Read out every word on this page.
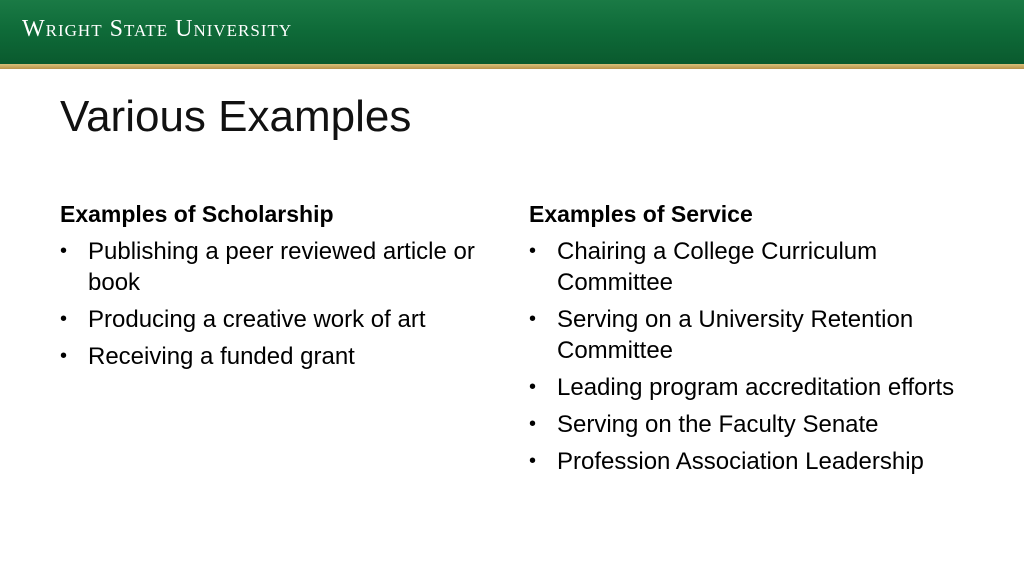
Wright State University
Various Examples
Examples of Scholarship
• Publishing a peer reviewed article or book
• Producing a creative work of art
• Receiving a funded grant
Examples of Service
• Chairing a College Curriculum Committee
• Serving on a University Retention Committee
• Leading program accreditation efforts
• Serving on the Faculty Senate
• Profession Association Leadership
